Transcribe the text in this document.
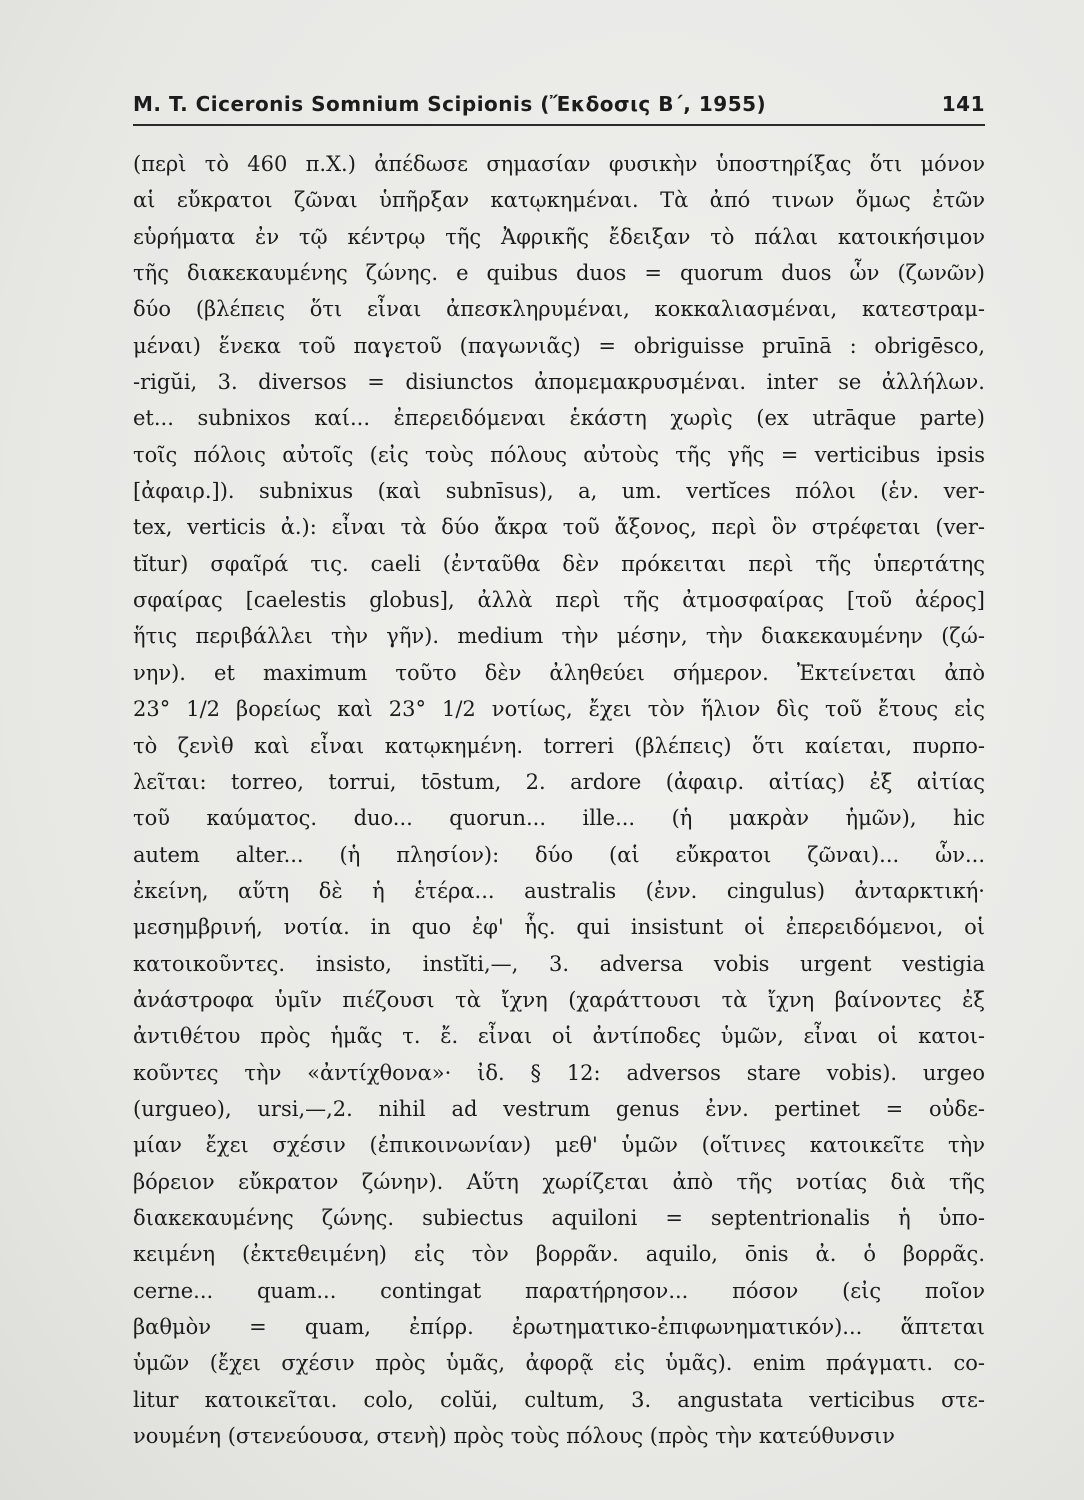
M. T. Ciceronis Somnium Scipionis (Ἔκδοσις Β΄, 1955)	141
(περὶ τὸ 460 π.Χ.) ἀπέδωσε σημασίαν φυσικὴν ὑποστηρίξας ὅτι μόνον
αἱ εὔκρατοι ζῶναι ὑπῆρξαν κατῳκημέναι. Τὰ ἀπό τινων ὅμως ἐτῶν
εὑρήματα ἐν τῷ κέντρῳ τῆς Ἀφρικῆς ἔδειξαν τὸ πάλαι κατοικήσιμον
τῆς διακεκαυμένης ζώνης. e quibus duos = quorum duos ὧν (ζωνῶν)
δύο (βλέπεις ὅτι εἶναι ἀπεσκληρυμέναι, κοκκαλιασμέναι, κατεστραμ-
μέναι) ἕνεκα τοῦ παγετοῦ (παγωνιᾶς) = obriguisse pruīnā : obrigēsco,
-rigŭi, 3. diversos = disiunctos ἀπομεμακρυσμέναι. inter se ἀλλήλων.
et... subnixos καί... ἐπερειδόμεναι ἑκάστη χωρὶς (ex utrāque parte)
τοῖς πόλοις αὐτοῖς (εἰς τοὺς πόλους αὐτοὺς τῆς γῆς = verticibus ipsis
[ἀφαιρ.]). subnixus (καὶ subnīsus), a, um. vertĭces πόλοι (ἑν. ver-
tex, verticis ἀ.): εἶναι τὰ δύο ἄκρα τοῦ ἄξονος, περὶ ὃν στρέφεται (ver-
tĭtur) σφαῖρά τις. caeli (ἐνταῦθα δὲν πρόκειται περὶ τῆς ὑπερτάτης
σφαίρας [caelestis globus], ἀλλὰ περὶ τῆς ἀτμοσφαίρας [τοῦ ἀέρος]
ἥτις περιβάλλει τὴν γῆν). medium τὴν μέσην, τὴν διακεκαυμένην (ζώ-
νην). et maximum τοῦτο δὲν ἀληθεύει σήμερον. Ἐκτείνεται ἀπὸ
23° 1/2 βορείως καὶ 23° 1/2 νοτίως, ἔχει τὸν ἥλιον δὶς τοῦ ἔτους εἰς
τὸ ζενὶθ καὶ εἶναι κατῳκημένη. torreri (βλέπεις) ὅτι καίεται, πυρπο-
λεῖται: torreo, torrui, tōstum, 2. ardore (ἀφαιρ. αἰτίας) ἐξ αἰτίας
τοῦ καύματος. duo... quorun... ille... (ἡ μακρὰν ἡμῶν), hic
autem alter... (ἡ πλησίον): δύο (αἱ εὔκρατοι ζῶναι)... ὧν...
ἐκείνη, αὕτη δὲ ἡ ἑτέρα... australis (ἐνν. cingulus) ἀνταρκτική·
μεσημβρινή, νοτία. in quo ἐφ' ἧς. qui insistunt οἱ ἐπερειδόμενοι, οἱ
κατοικοῦντες. insisto, instĭti,—, 3. adversa vobis urgent vestigia
ἀνάστροφα ὑμῖν πιέζουσι τὰ ἴχνη (χαράττουσι τὰ ἴχνη βαίνοντες ἐξ
ἀντιθέτου πρὸς ἡμᾶς τ. ἔ. εἶναι οἱ ἀντίποδες ὑμῶν, εἶναι οἱ κατοι-
κοῦντες τὴν «ἀντίχθονα»· ἰδ. § 12: adversos stare vobis). urgeo
(urgueo), ursi,—,2. nihil ad vestrum genus ἐνν. pertinet = οὐδε-
μίαν ἔχει σχέσιν (ἐπικοινωνίαν) μεθ' ὑμῶν (οἵτινες κατοικεῖτε τὴν
βόρειον εὔκρατον ζώνην). Αὕτη χωρίζεται ἀπὸ τῆς νοτίας διὰ τῆς
διακεκαυμένης ζώνης. subiectus aquiloni = septentrionalis ἡ ὑπο-
κειμένη (ἐκτεθειμένη) εἰς τὸν βορρᾶν. aquilo, ōnis ἀ. ὁ βορρᾶς.
cerne... quam... contingat παρατήρησον... πόσον (εἰς ποῖον
βαθμὸν = quam, ἐπίρρ. ἐρωτηματικο-ἐπιφωνηματικόν)... ἅπτεται
ὑμῶν (ἔχει σχέσιν πρὸς ὑμᾶς, ἀφορᾷ εἰς ὑμᾶς). enim πράγματι. co-
litur κατοικεῖται. colo, colŭi, cultum, 3. angustata verticibus στε-
νουμένη (στενεύουσα, στενὴ) πρὸς τοὺς πόλους (πρὸς τὴν κατεύθυνσιν
